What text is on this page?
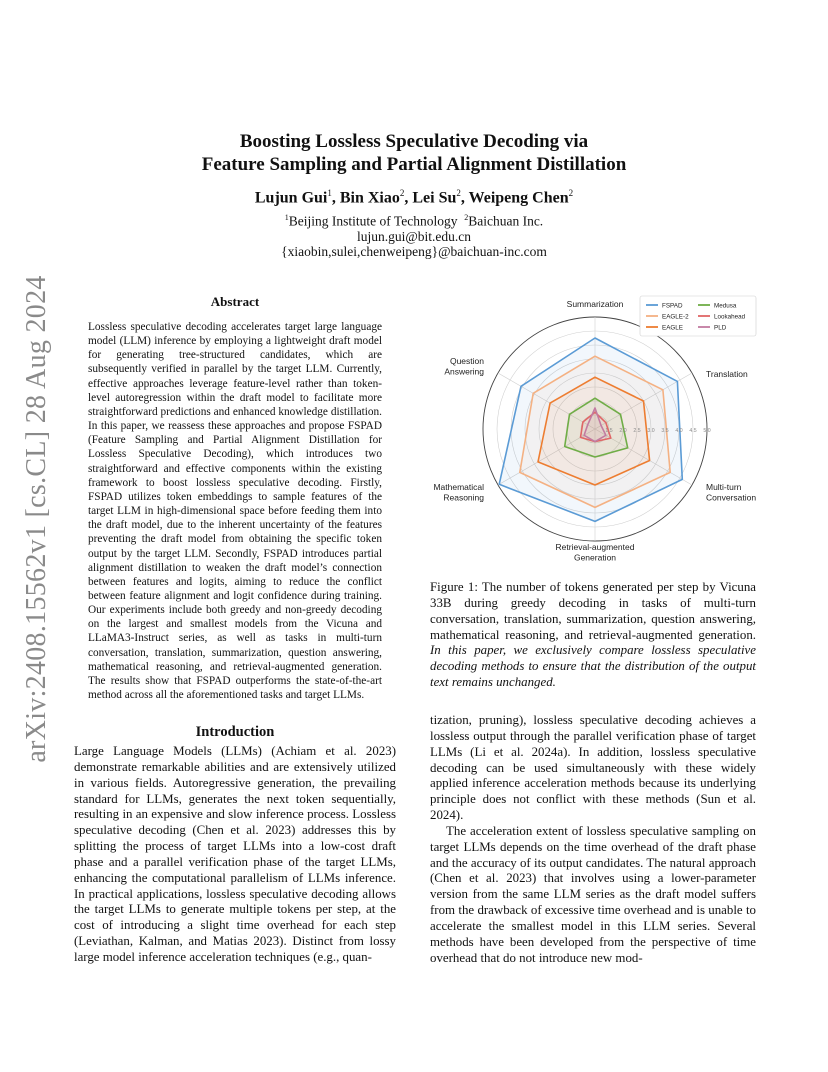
arXiv:2408.15562v1 [cs.CL] 28 Aug 2024
Boosting Lossless Speculative Decoding via
Feature Sampling and Partial Alignment Distillation
Lujun Gui$^1$, Bin Xiao$^2$, Lei Su$^2$, Weipeng Chen$^2$
$^1$Beijing Institute of Technology $^2$Baichuan Inc.
lujun.gui@bit.edu.cn
{xiaobin,sulei,chenweipeng}@baichuan-inc.com
Abstract
Lossless speculative decoding accelerates target large language model (LLM) inference by employing a lightweight draft model for generating tree-structured candidates, which are subsequently verified in parallel by the target LLM. Currently, effective approaches leverage feature-level rather than token-level autoregression within the draft model to facilitate more straightforward predictions and enhanced knowledge distillation. In this paper, we reassess these approaches and propose FSPAD (Feature Sampling and Partial Alignment Distillation for Lossless Speculative Decoding), which introduces two straightforward and effective components within the existing framework to boost lossless speculative decoding. Firstly, FSPAD utilizes token embeddings to sample features of the target LLM in high-dimensional space before feeding them into the draft model, due to the inherent uncertainty of the features preventing the draft model from obtaining the specific token output by the target LLM. Secondly, FSPAD introduces partial alignment distillation to weaken the draft model’s connection between features and logits, aiming to reduce the conflict between feature alignment and logit confidence during training. Our experiments include both greedy and non-greedy decoding on the largest and smallest models from the Vicuna and LLaMA3-Instruct series, as well as tasks in multi-turn conversation, translation, summarization, question answering, mathematical reasoning, and retrieval-augmented generation. The results show that FSPAD outperforms the state-of-the-art method across all the aforementioned tasks and target LLMs.
Introduction
Large Language Models (LLMs) (Achiam et al. 2023) demonstrate remarkable abilities and are extensively utilized in various fields. Autoregressive generation, the prevailing standard for LLMs, generates the next token sequentially, resulting in an expensive and slow inference process. Lossless speculative decoding (Chen et al. 2023) addresses this by splitting the process of target LLMs into a low-cost draft phase and a parallel verification phase of the target LLMs, enhancing the computational parallelism of LLMs inference. In practical applications, lossless speculative decoding allows the target LLMs to generate multiple tokens per step, at the cost of introducing a slight time overhead for each step (Leviathan, Kalman, and Matias 2023). Distinct from lossy large model inference acceleration techniques (e.g., quan-
1.5 2.0 2.5 3.0 3.5 4.0 4.5 5.0
Summarization
Translation
Multi-turn
Conversation
Retrieval-augmented
Generation
Mathematical
Reasoning
Question
Answering
FSPAD
EAGLE-2
EAGLE
Medusa
Lookahead
PLD
Figure 1: The number of tokens generated per step by Vicuna 33B during greedy decoding in tasks of multi-turn conversation, translation, summarization, question answering, mathematical reasoning, and retrieval-augmented generation. In this paper, we exclusively compare lossless speculative decoding methods to ensure that the distribution of the output text remains unchanged.

tization, pruning), lossless speculative decoding achieves a lossless output through the parallel verification phase of target LLMs (Li et al. 2024a). In addition, lossless speculative decoding can be used simultaneously with these widely applied inference acceleration methods because its underlying principle does not conflict with these methods (Sun et al. 2024).

The acceleration extent of lossless speculative sampling on target LLMs depends on the time overhead of the draft phase and the accuracy of its output candidates. The natural approach (Chen et al. 2023) that involves using a lower-parameter version from the same LLM series as the draft model suffers from the drawback of excessive time overhead and is unable to accelerate the smallest model in this LLM series. Several methods have been developed from the perspective of time overhead that do not introduce new mod-
